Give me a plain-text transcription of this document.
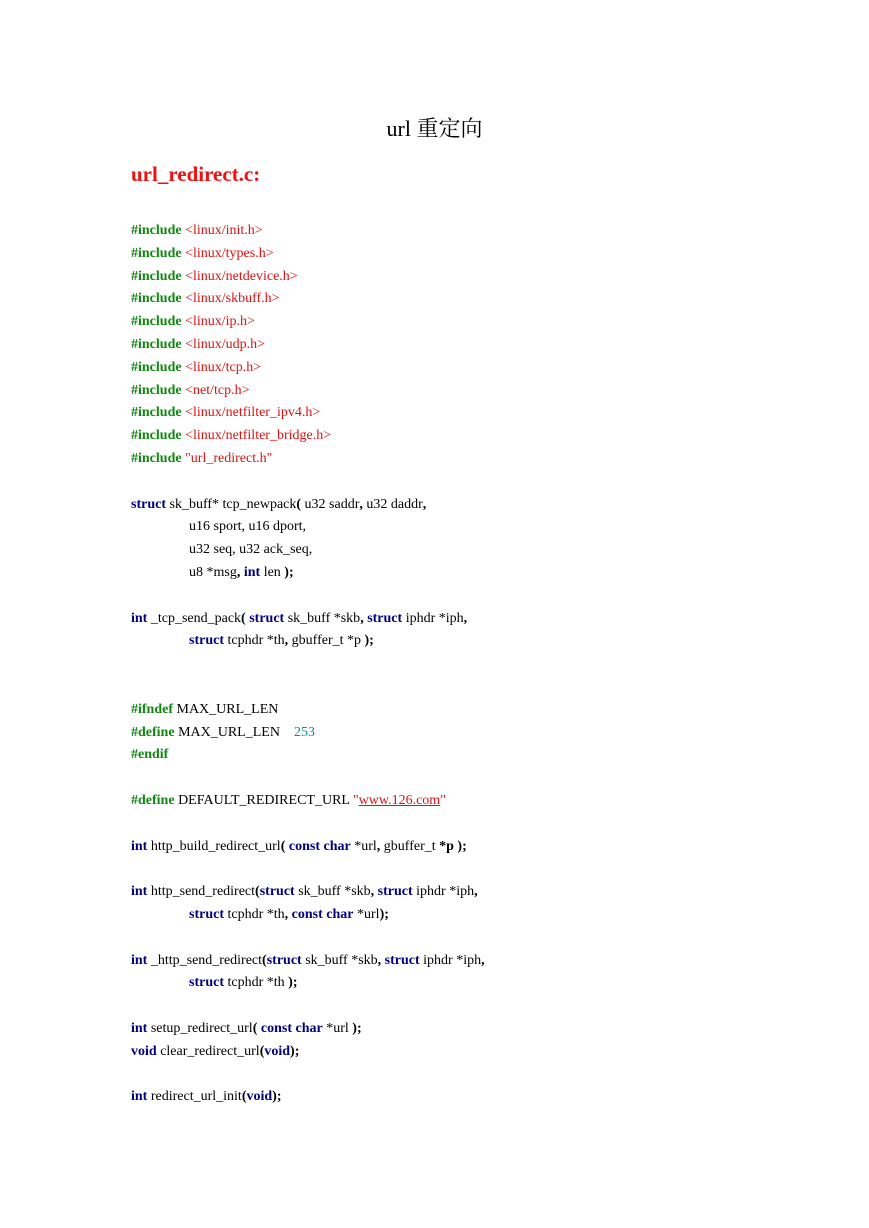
url 重定向
url_redirect.c:
#include <linux/init.h>
#include <linux/types.h>
#include <linux/netdevice.h>
#include <linux/skbuff.h>
#include <linux/ip.h>
#include <linux/udp.h>
#include <linux/tcp.h>
#include <net/tcp.h>
#include <linux/netfilter_ipv4.h>
#include <linux/netfilter_bridge.h>
#include "url_redirect.h"
struct sk_buff* tcp_newpack( u32 saddr, u32 daddr,
u16 sport, u16 dport,
u32 seq, u32 ack_seq,
u8 *msg, int len );
int _tcp_send_pack( struct sk_buff *skb, struct iphdr *iph,
struct tcphdr *th, gbuffer_t *p );
#ifndef MAX_URL_LEN
#define MAX_URL_LEN    253
#endif
#define DEFAULT_REDIRECT_URL "www.126.com"
int http_build_redirect_url( const char *url, gbuffer_t *p );
int http_send_redirect(struct sk_buff *skb, struct iphdr *iph,
struct tcphdr *th, const char *url);
int _http_send_redirect(struct sk_buff *skb, struct iphdr *iph,
struct tcphdr *th );
int setup_redirect_url( const char *url );
void clear_redirect_url(void);
int redirect_url_init(void);
